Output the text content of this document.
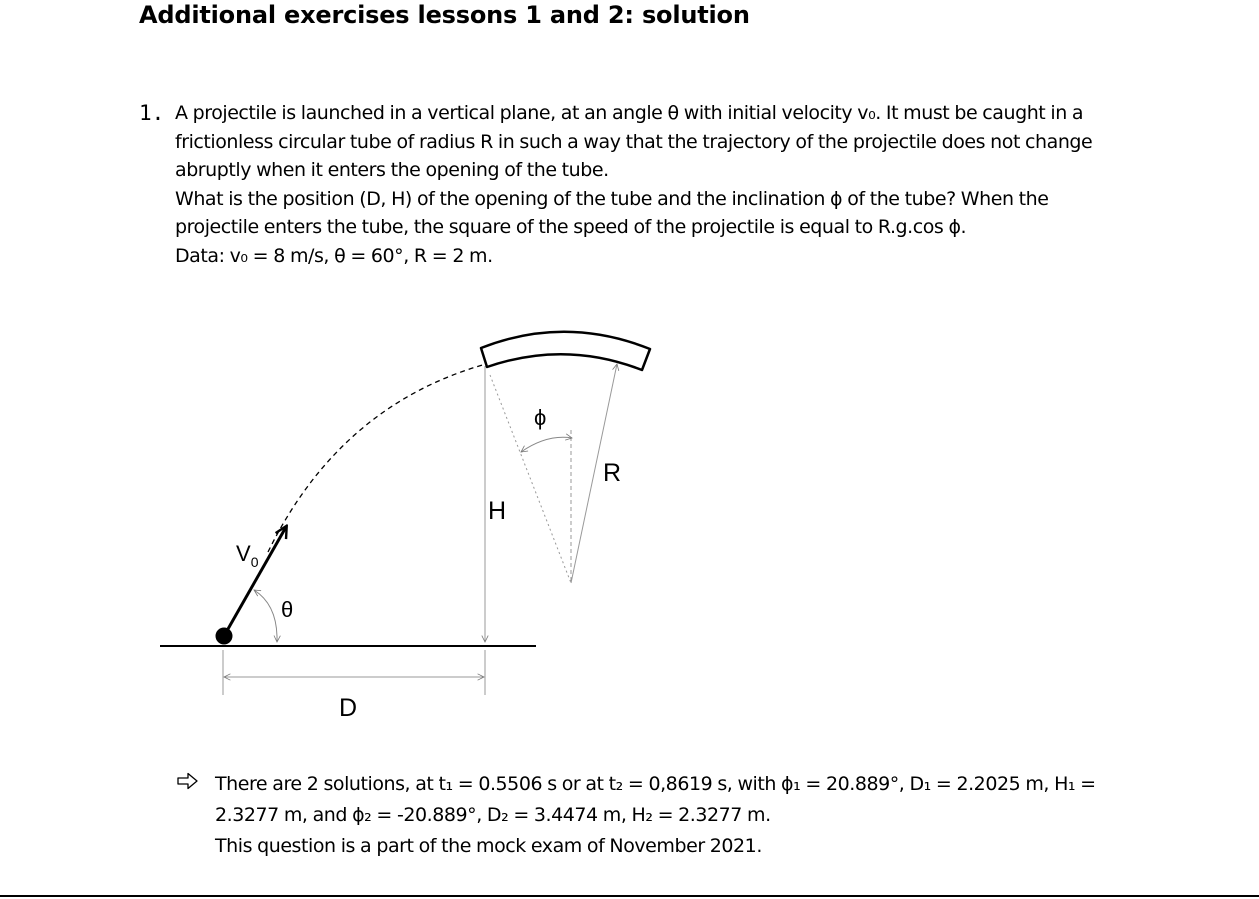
Additional exercises lessons 1 and 2: solution
1. A projectile is launched in a vertical plane, at an angle θ with initial velocity v₀. It must be caught in a
frictionless circular tube of radius R in such a way that the trajectory of the projectile does not change
abruptly when it enters the opening of the tube.
What is the position (D, H) of the opening of the tube and the inclination ϕ of the tube? When the
projectile enters the tube, the square of the speed of the projectile is equal to R.g.cos ϕ.
Data: v₀ = 8 m/s, θ = 60°, R = 2 m.
$V_0$
θ
ϕ
R
H
D
There are 2 solutions, at t₁ = 0.5506 s or at t₂ = 0,8619 s, with ϕ₁ = 20.889°, D₁ = 2.2025 m, H₁ =
2.3277 m, and ϕ₂ = -20.889°, D₂ = 3.4474 m, H₂ = 2.3277 m.
This question is a part of the mock exam of November 2021.
